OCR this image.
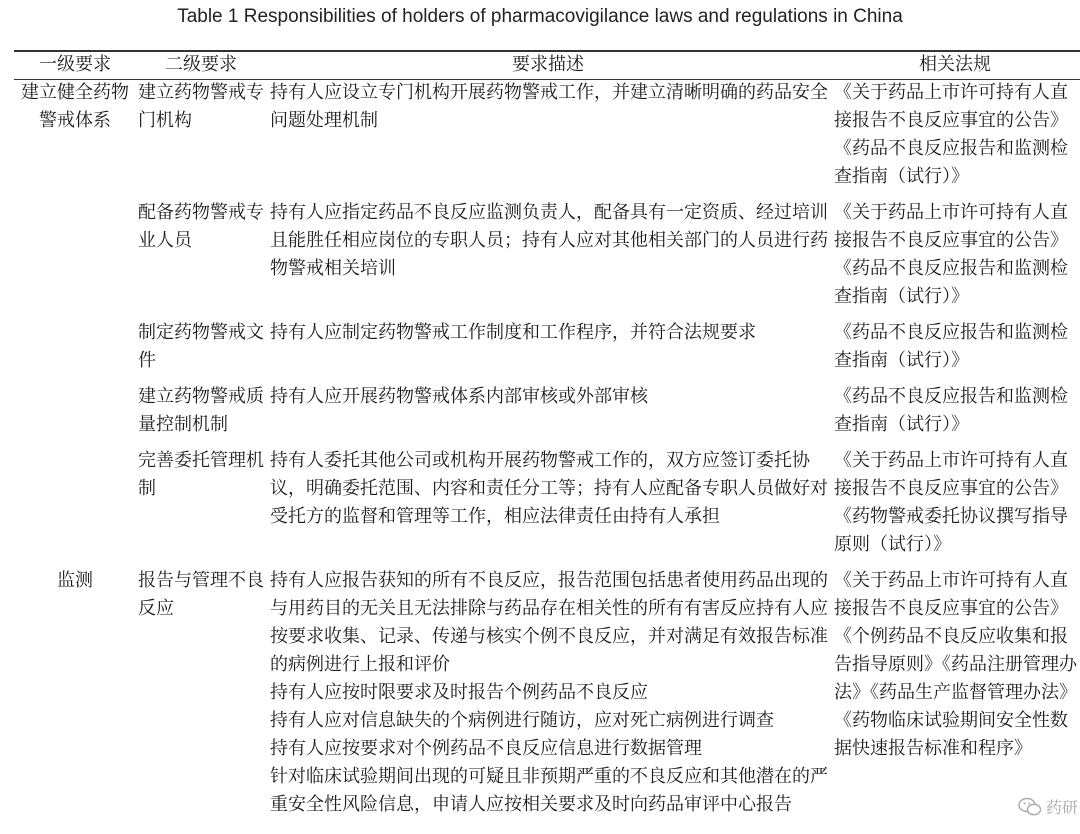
Table 1 Responsibilities of holders of pharmacovigilance laws and regulations in China
一级要求	二级要求	要求描述	相关法规
建立健全药物警戒体系	建立药物警戒专门机构	持有人应设立专门机构开展药物警戒工作，并建立清晰明确的药品安全问题处理机制	《关于药品上市许可持有人直接报告不良反应事宜的公告》《药品不良反应报告和监测检查指南（试行）》

	配备药物警戒专业人员	持有人应指定药品不良反应监测负责人，配备具有一定资质、经过培训且能胜任相应岗位的专职人员；持有人应对其他相关部门的人员进行药物警戒相关培训	《关于药品上市许可持有人直接报告不良反应事宜的公告》《药品不良反应报告和监测检查指南（试行）》

	制定药物警戒文件	持有人应制定药物警戒工作制度和工作程序，并符合法规要求	《药品不良反应报告和监测检查指南（试行）》

	建立药物警戒质量控制机制	持有人应开展药物警戒体系内部审核或外部审核	《药品不良反应报告和监测检查指南（试行）》

	完善委托管理机制	持有人委托其他公司或机构开展药物警戒工作的，双方应签订委托协议，明确委托范围、内容和责任分工等；持有人应配备专职人员做好对受托方的监督和管理等工作，相应法律责任由持有人承担	《关于药品上市许可持有人直接报告不良反应事宜的公告》《药物警戒委托协议撰写指导原则（试行）》

监测	报告与管理不良反应	持有人应报告获知的所有不良反应，报告范围包括患者使用药品出现的与用药目的无关且无法排除与药品存在相关性的所有有害反应持有人应按要求收集、记录、传递与核实个例不良反应，并对满足有效报告标准的病例进行上报和评价
持有人应按时限要求及时报告个例药品不良反应
持有人应对信息缺失的个病例进行随访，应对死亡病例进行调查
持有人应按要求对个例药品不良反应信息进行数据管理
针对临床试验期间出现的可疑且非预期严重的不良反应和其他潜在的严重安全性风险信息，申请人应按相关要求及时向药品审评中心报告	《关于药品上市许可持有人直接报告不良反应事宜的公告》《个例药品不良反应收集和报告指导原则》《药品注册管理办法》《药品生产监督管理办法》《药物临床试验期间安全性数据快速报告标准和程序》

药研
